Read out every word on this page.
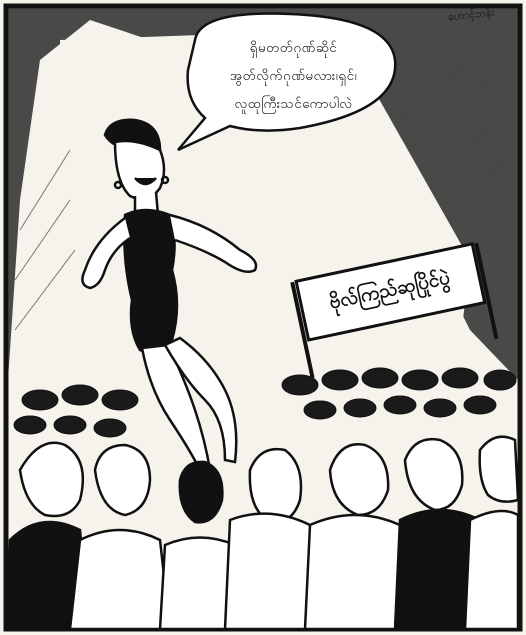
ဟောင့်ဘန်း
ရှိမတတ်ဂုဏ်ဆိုင်
အွတ်လိုက်ဂုဏ်မလား၊ရှင်၊
လူထုကြီးသင်ကောပါလဲ
ဗိုလ်ကြည်ဆုပြိုင်ပွဲ
